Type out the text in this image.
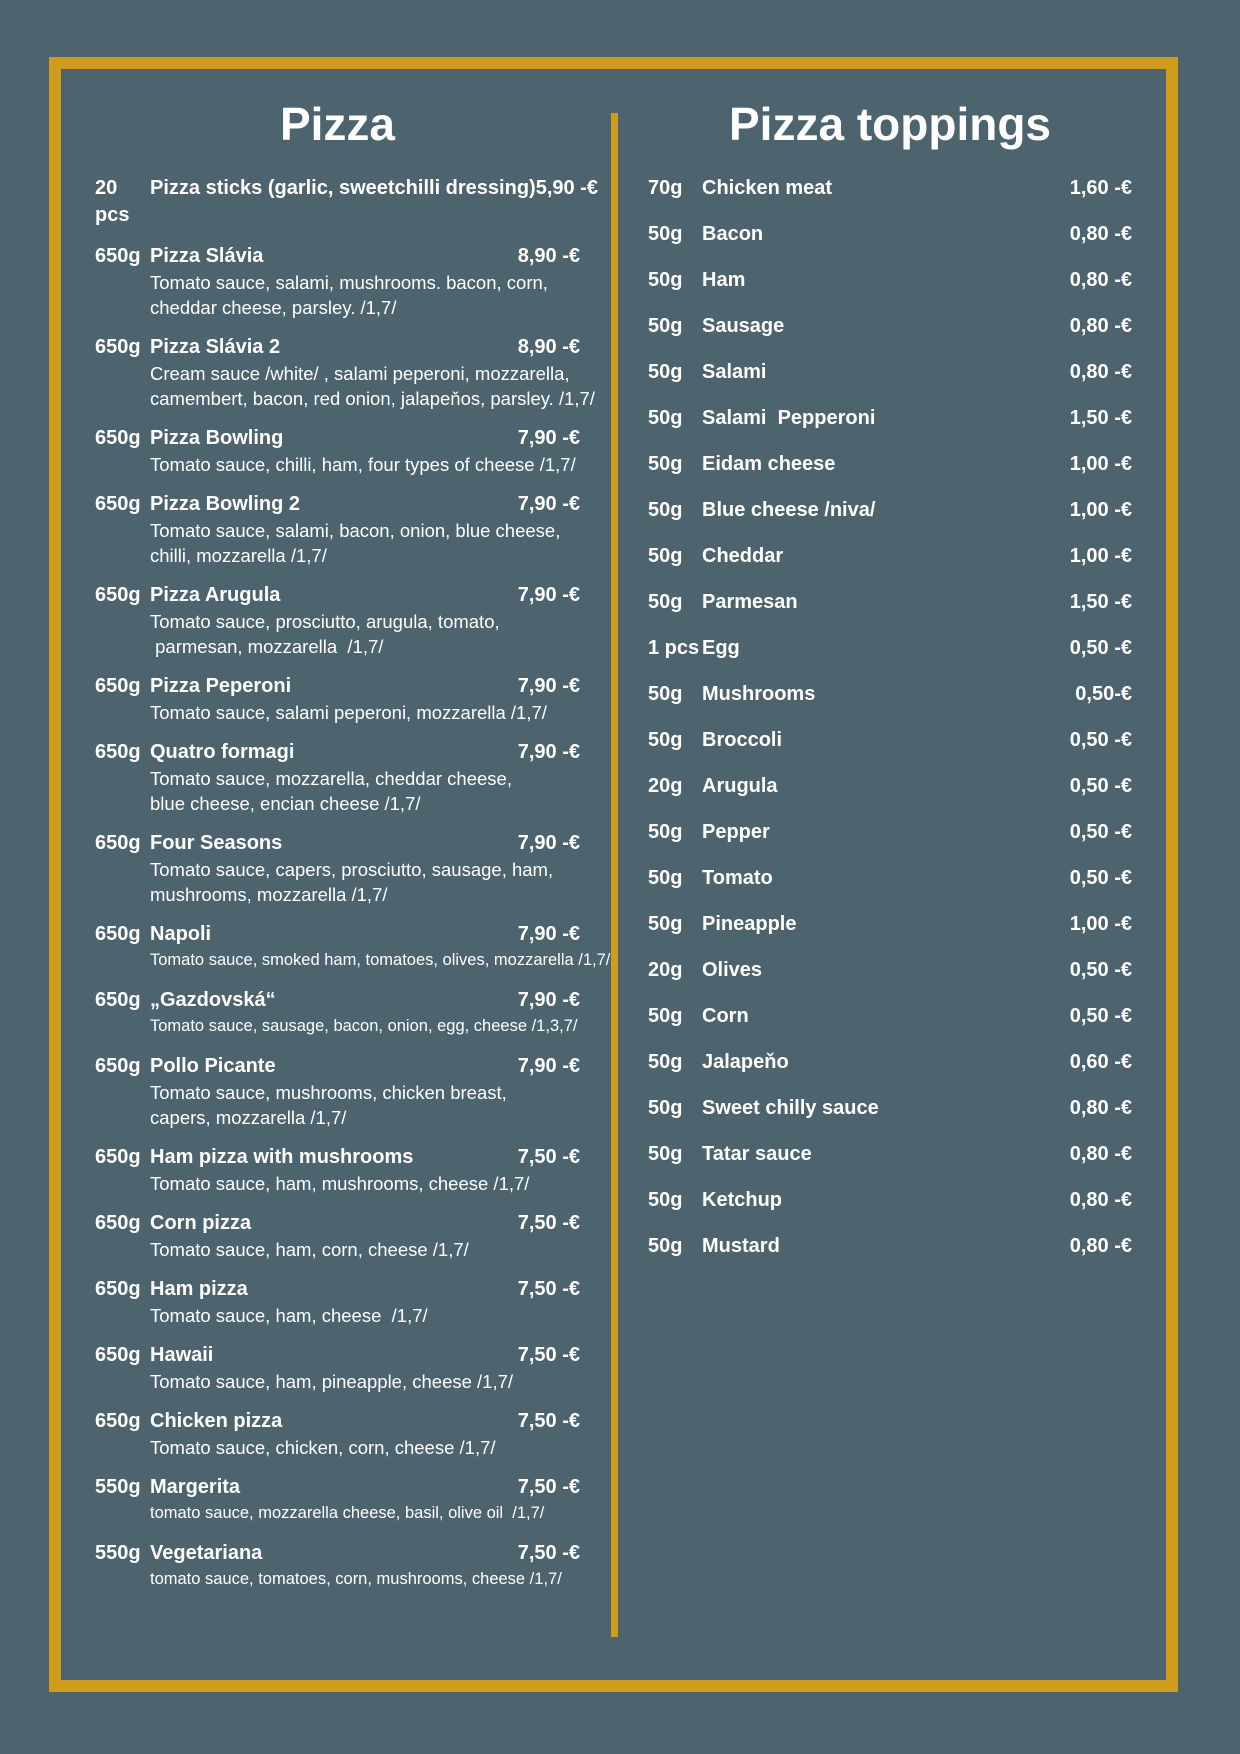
Pizza
20 pcs
Pizza sticks (garlic, sweetchilli dressing) 5,90 -€
650g Pizza Slávia	8,90 -€
Tomato sauce, salami, mushrooms. bacon, corn,
cheddar cheese, parsley. /1,7/
650g Pizza Slávia 2	8,90 -€
Cream sauce /white/ , salami peperoni, mozzarella,
camembert, bacon, red onion, jalapeňos, parsley. /1,7/
650g Pizza Bowling	7,90 -€
Tomato sauce, chilli, ham, four types of cheese /1,7/
650g Pizza Bowling 2	7,90 -€
Tomato sauce, salami, bacon, onion, blue cheese,
chilli, mozzarella /1,7/
650g Pizza Arugula	7,90 -€
Tomato sauce, prosciutto, arugula, tomato,
parmesan, mozzarella  /1,7/
650g Pizza Peperoni	7,90 -€
Tomato sauce, salami peperoni, mozzarella /1,7/
650g Quatro formagi	7,90 -€
Tomato sauce, mozzarella, cheddar cheese,
blue cheese, encian cheese /1,7/
650g Four Seasons	7,90 -€
Tomato sauce, capers, prosciutto, sausage, ham,
mushrooms, mozzarella /1,7/
650g Napoli	7,90 -€
Tomato sauce, smoked ham, tomatoes, olives, mozzarella /1,7/
650g „Gazdovská“	7,90 -€
Tomato sauce, sausage, bacon, onion, egg, cheese /1,3,7/
650g Pollo Picante	7,90 -€
Tomato sauce, mushrooms, chicken breast,
capers, mozzarella /1,7/
650g Ham pizza with mushrooms	7,50 -€
Tomato sauce, ham, mushrooms, cheese /1,7/
650g Corn pizza	7,50 -€
Tomato sauce, ham, corn, cheese /1,7/
650g Ham pizza	7,50 -€
Tomato sauce, ham, cheese  /1,7/
650g Hawaii	7,50 -€
Tomato sauce, ham, pineapple, cheese /1,7/
650g Chicken pizza	7,50 -€
Tomato sauce, chicken, corn, cheese /1,7/
550g Margerita	7,50 -€
tomato sauce, mozzarella cheese, basil, olive oil  /1,7/
550g Vegetariana	7,50 -€
tomato sauce, tomatoes, corn, mushrooms, cheese /1,7/
Pizza toppings
70g Chicken meat	1,60 -€
50g Bacon	0,80 -€
50g Ham	0,80 -€
50g Sausage	0,80 -€
50g Salami	0,80 -€
50g Salami  Pepperoni	1,50 -€
50g Eidam cheese	1,00 -€
50g Blue cheese /niva/	1,00 -€
50g Cheddar	1,00 -€
50g Parmesan	1,50 -€
1 pcs Egg	0,50 -€
50g Mushrooms	0,50-€
50g Broccoli	0,50 -€
20g Arugula	0,50 -€
50g Pepper	0,50 -€
50g Tomato	0,50 -€
50g Pineapple	1,00 -€
20g Olives	0,50 -€
50g Corn	0,50 -€
50g Jalapeňo	0,60 -€
50g Sweet chilly sauce	0,80 -€
50g Tatar sauce	0,80 -€
50g Ketchup	0,80 -€
50g Mustard	0,80 -€
